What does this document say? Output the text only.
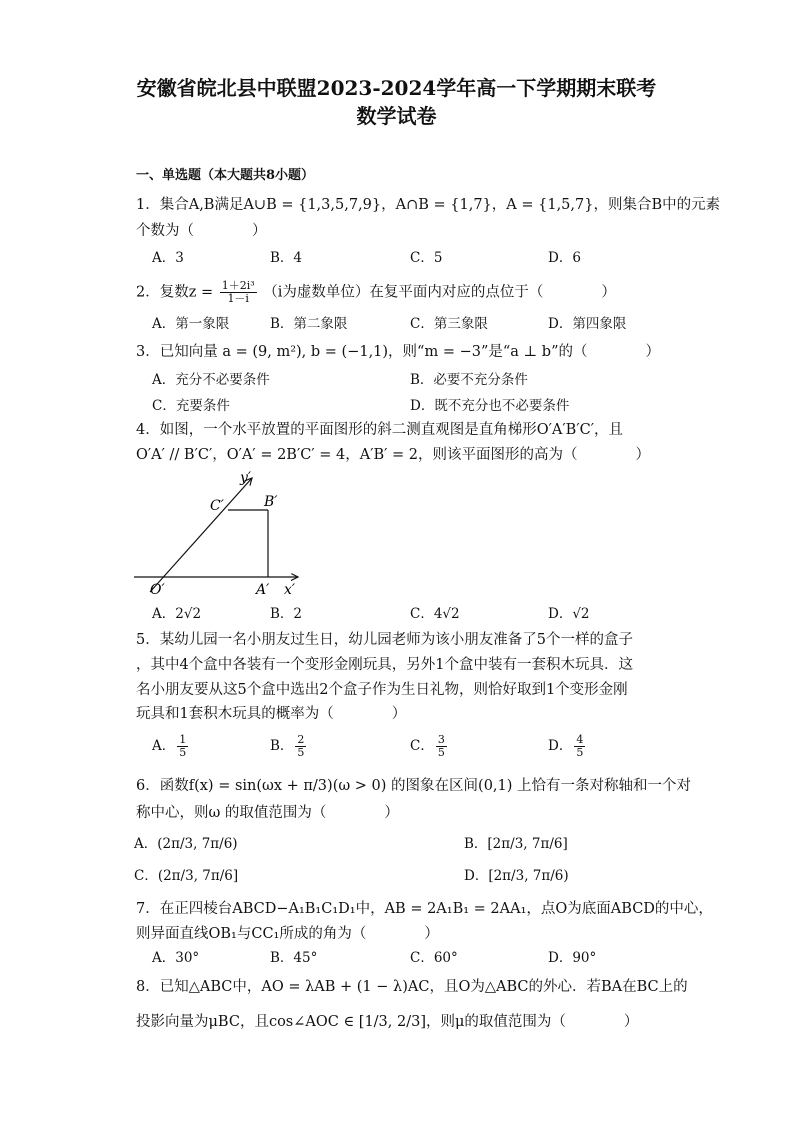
安徽省皖北县中联盟2023-2024学年高一下学期期末联考
数学试卷
一、单选题（本大题共8小题）
1．集合A,B满足A∪B = {1,3,5,7,9}，A∩B = {1,7}，A = {1,5,7}，则集合B中的元素
个数为（　　　　）
A．3	B．4	C．5	D．6
2．复数$z = \frac{\text{1＋2i³}}{1-i} (i$为虚数单位）在复平面内对应的点位于（　　　　）
A．第一象限	B．第二象限	C．第三象限	D．第四象限
3．已知向量 a = (9, m²), b = (−1,1)，则“m = −3”是“a ⊥ b”的（　　　　）
A．充分不必要条件	B．必要不充分条件
C．充要条件	D．既不充分也不必要条件
4．如图，一个水平放置的平面图形的斜二测直观图是直角梯形O′A′B′C′，且
O′A′ // B′C′，O′A′ = 2B′C′ = 4，A′B′ = 2，则该平面图形的高为（　　　　）
y′
x′
O′	A′
B′
C′
A．2√2	B．2	C．4√2	D．√2
5．某幼儿园一名小朋友过生日，幼儿园老师为该小朋友准备了5个一样的盒子
，其中4个盒中各装有一个变形金刚玩具，另外1个盒中装有一套积木玩具．这
名小朋友要从这5个盒中选出2个盒子作为生日礼物，则恰好取到1个变形金刚
玩具和1套积木玩具的概率为（　　　　）
A． $\frac{1}{5}$	B． $\frac{2}{5}$	C． $\frac{3}{5}$	D． $\frac{4}{5}$
6．函数f(x) = sin(ωx + π/3)(ω > 0) 的图象在区间(0,1) 上恰有一条对称轴和一个对
称中心，则ω 的取值范围为（　　　　）
A．(2π/3, 7π/6)	B．[2π/3, 7π/6]
C．(2π/3, 7π/6]	D．[2π/3, 7π/6)
7．在正四棱台ABCD−A₁B₁C₁D₁中，AB = 2A₁B₁ = 2AA₁，点O为底面ABCD的中心，
则异面直线OB₁与CC₁所成的角为（　　　　）
A．30°	B．45°	C．60°	D．90°
8．已知△ABC中，AO = λAB + (1 − λ)AC，且O为△ABC的外心．若BA在BC上的
投影向量为μBC，且cos∠AOC ∈ [1/3, 2/3]，则μ的取值范围为（　　　　）
